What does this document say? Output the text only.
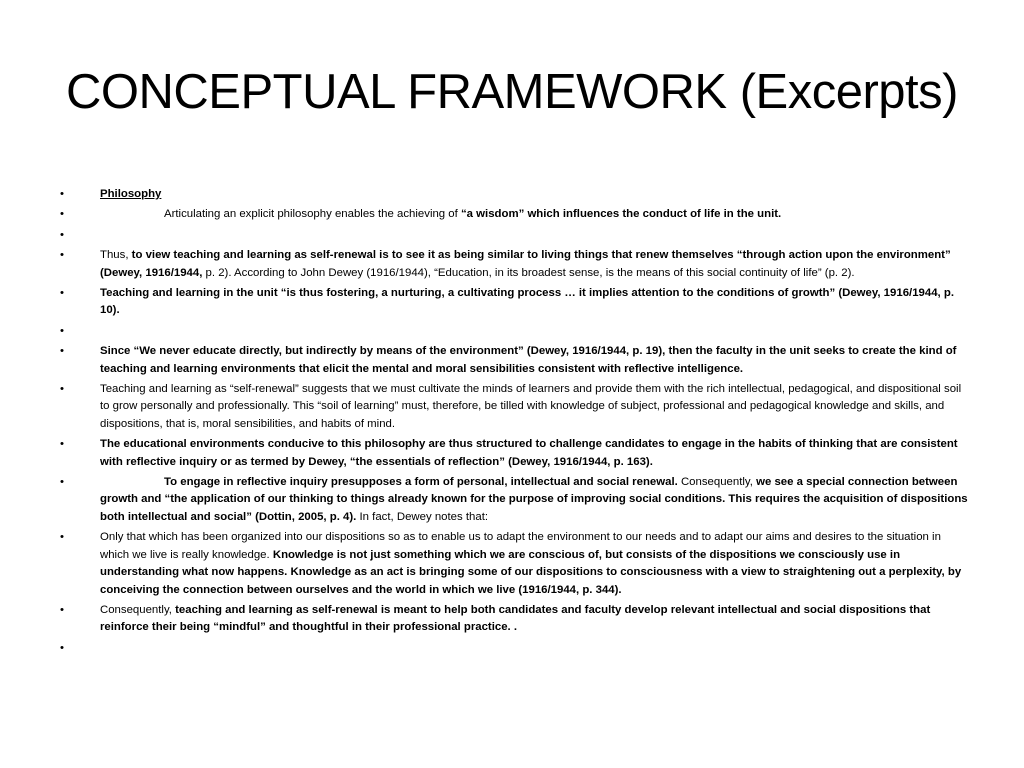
CONCEPTUAL FRAMEWORK (Excerpts)
•	Philosophy
•	Articulating an explicit philosophy enables the achieving of “a wisdom” which influences the conduct of life in the unit.
•
•	Thus, to view teaching and learning as self-renewal is to see it as being similar to living things that renew themselves “through action upon the environment” (Dewey, 1916/1944, p. 2). According to John Dewey (1916/1944), “Education, in its broadest sense, is the means of this social continuity of life” (p. 2).
•	Teaching and learning in the unit “is thus fostering, a nurturing, a cultivating process … it implies attention to the conditions of growth” (Dewey, 1916/1944, p. 10).
•
•	Since “We never educate directly, but indirectly by means of the environment” (Dewey, 1916/1944, p. 19), then the faculty in the unit seeks to create the kind of teaching and learning environments that elicit the mental and moral sensibilities consistent with reflective intelligence.
•	Teaching and learning as “self-renewal” suggests that we must cultivate the minds of learners and provide them with the rich intellectual, pedagogical, and dispositional soil to grow personally and professionally. This “soil of learning” must, therefore, be tilled with knowledge of subject, professional and pedagogical knowledge and skills, and dispositions, that is, moral sensibilities, and habits of mind.
•	The educational environments conducive to this philosophy are thus structured to challenge candidates to engage in the habits of thinking that are consistent with reflective inquiry or as termed by Dewey, “the essentials of reflection” (Dewey, 1916/1944, p. 163).
•	To engage in reflective inquiry presupposes a form of personal, intellectual and social renewal. Consequently, we see a special connection between growth and “the application of our thinking to things already known for the purpose of improving social conditions. This requires the acquisition of dispositions both intellectual and social” (Dottin, 2005, p. 4). In fact, Dewey notes that:
•	Only that which has been organized into our dispositions so as to enable us to adapt the environment to our needs and to adapt our aims and desires to the situation in which we live is really knowledge. Knowledge is not just something which we are conscious of, but consists of the dispositions we consciously use in understanding what now happens. Knowledge as an act is bringing some of our dispositions to consciousness with a view to straightening out a perplexity, by conceiving the connection between ourselves and the world in which we live (1916/1944, p. 344).
•	Consequently, teaching and learning as self-renewal is meant to help both candidates and faculty develop relevant intellectual and social dispositions that reinforce their being “mindful” and thoughtful in their professional practice. .
•
